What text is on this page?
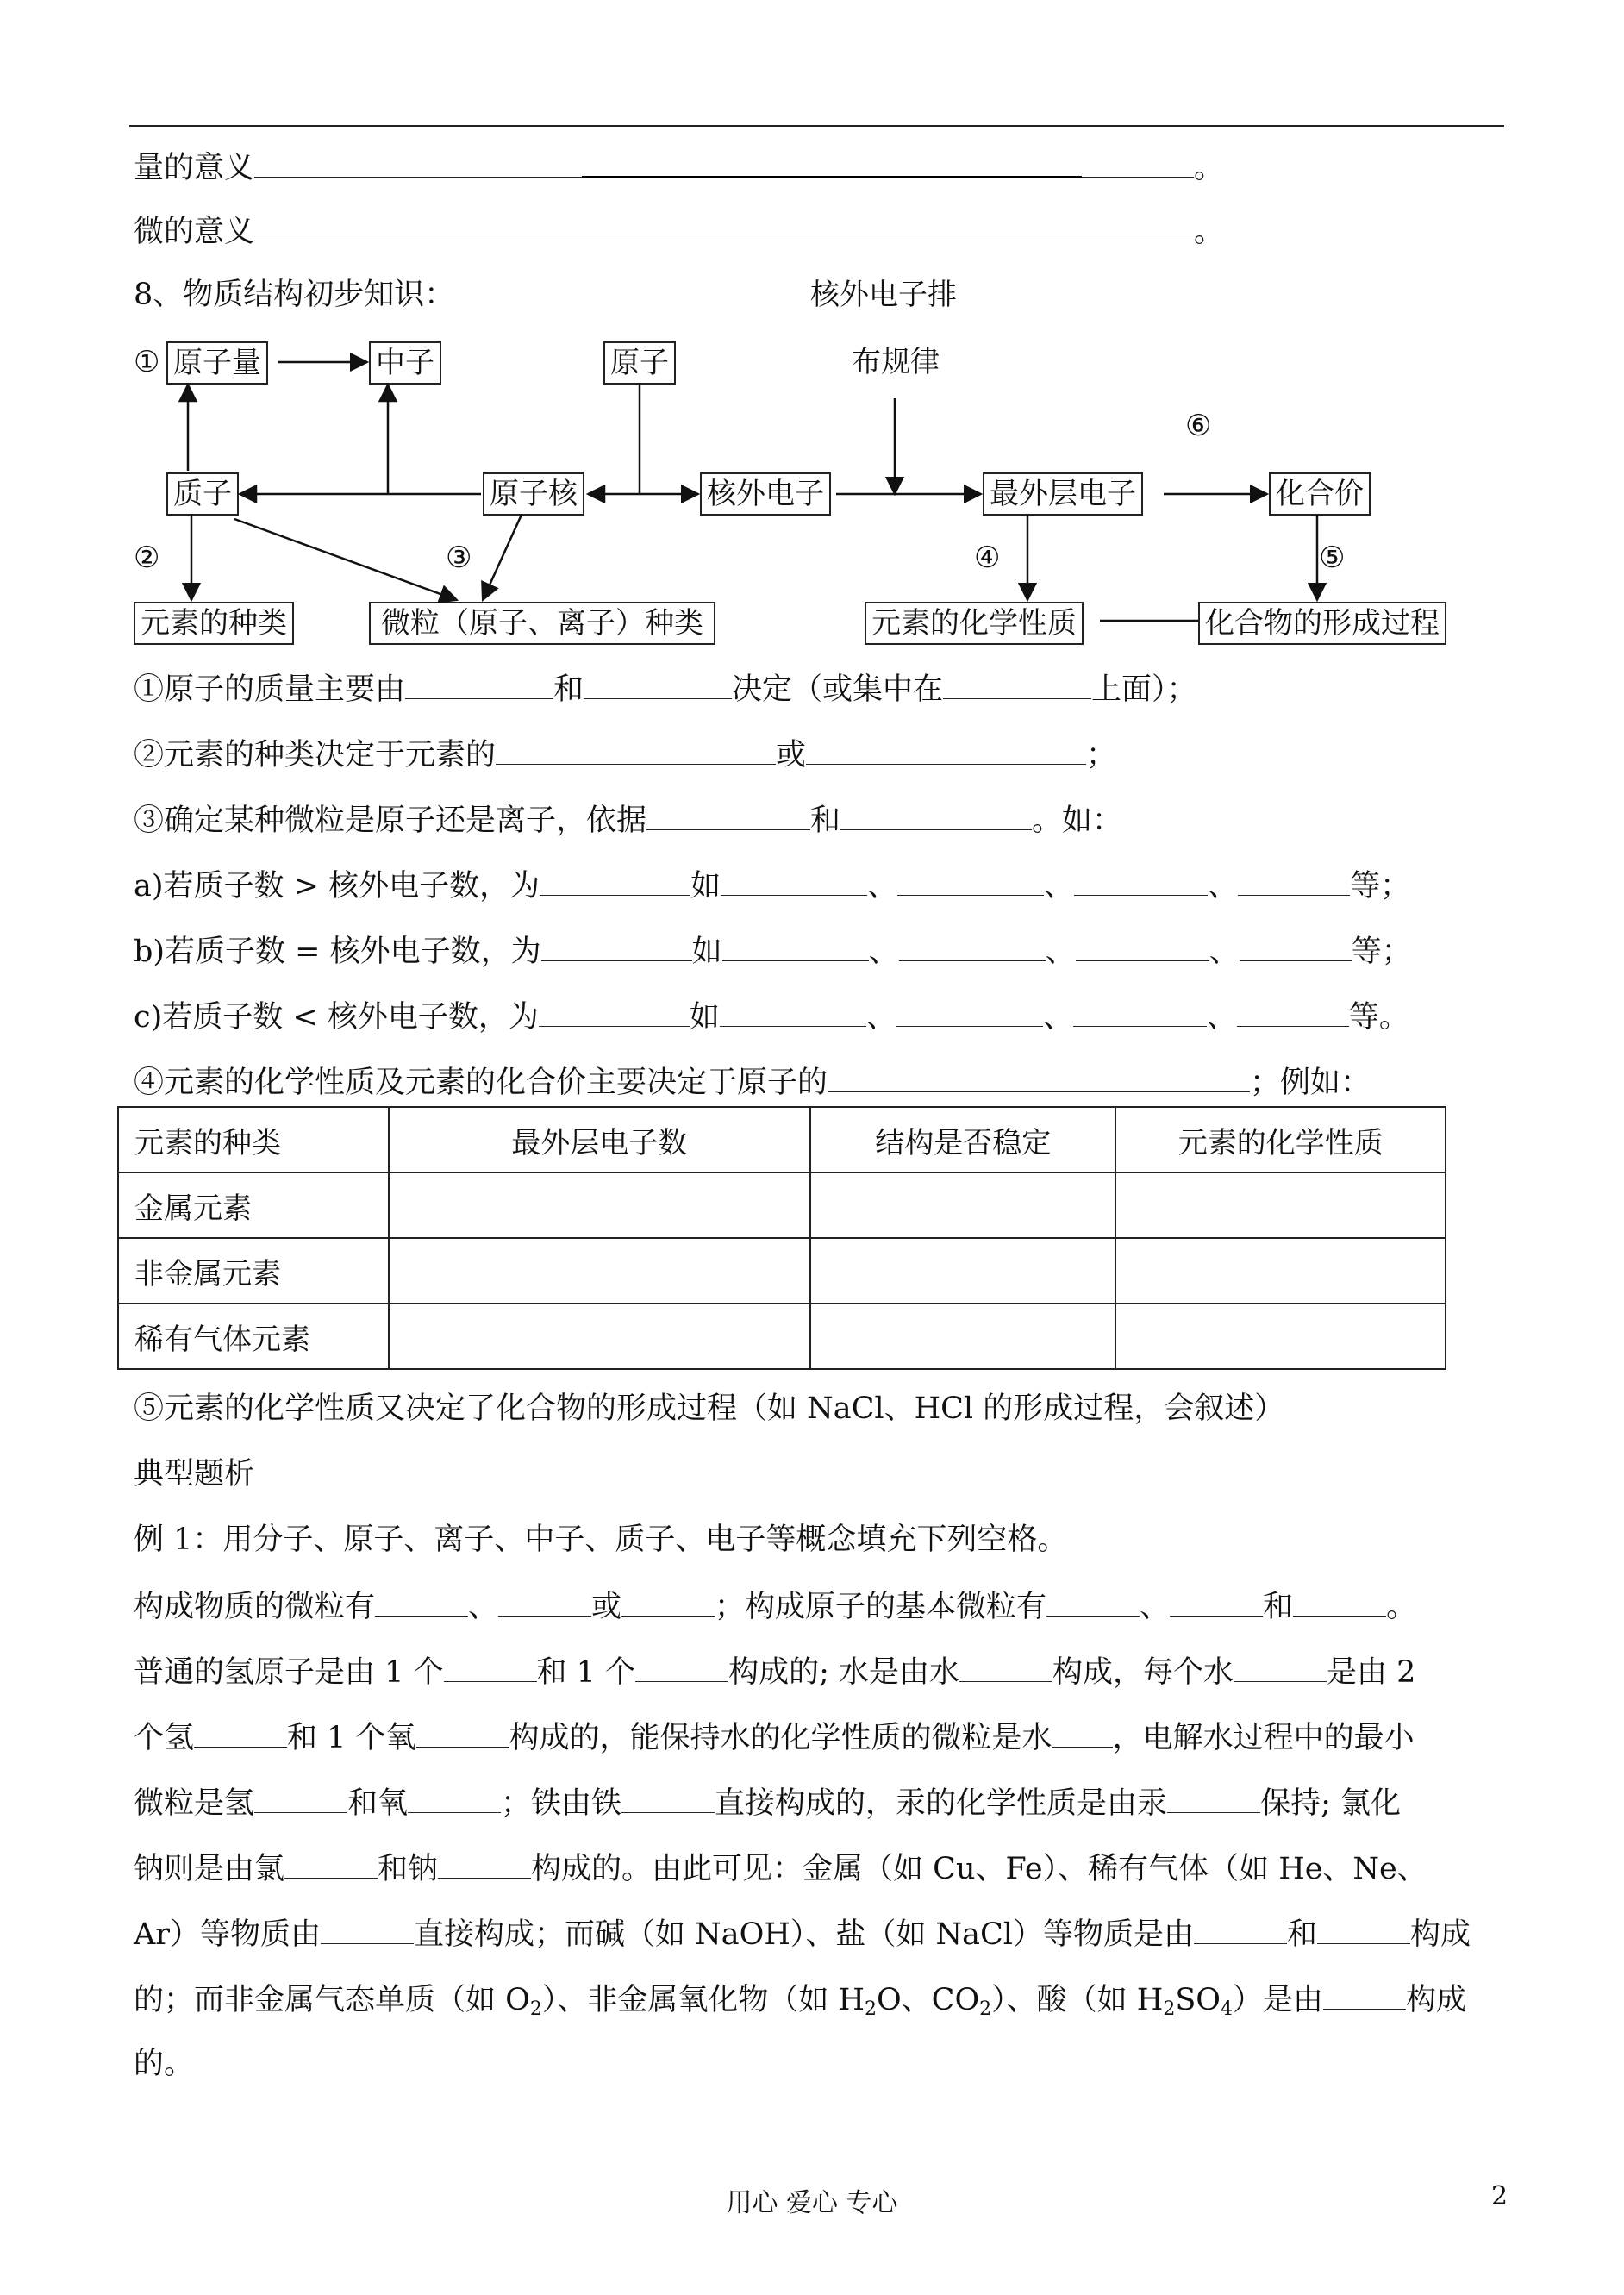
量的意义	。
微的意义	。
8、物质结构初步知识：	核外电子排
① 原子量	中子	原子	布规律
⑥
质子	原子核	核外电子	最外层电子	化合价
②	③	④	⑤
元素的种类	微粒（原子、离子）种类	元素的化学性质	化合物的形成过程
①原子的质量主要由	和	决定（或集中在	上面）；
②元素的种类决定于元素的	或	；
③确定某种微粒是原子还是离子，依据	和	。如：
a)若质子数 > 核外电子数，为	如	、	、	、	等；
b)若质子数 = 核外电子数，为	如	、	、	、	等；
c)若质子数 < 核外电子数，为	如	、	、	、	等。
④元素的化学性质及元素的化合价主要决定于原子的	；例如：
元素的种类	最外层电子数	结构是否稳定	元素的化学性质
金属元素			
非金属元素			
稀有气体元素			
⑤元素的化学性质又决定了化合物的形成过程（如 NaCl、HCl 的形成过程，会叙述）
典型题析
例 1：用分子、原子、离子、中子、质子、电子等概念填充下列空格。
构成物质的微粒有	、	或	；构成原子的基本微粒有	、	和	。
普通的氢原子是由 1 个	和 1 个	构成的; 水是由水	构成，每个水	是由 2
个氢	和 1 个氧	构成的，能保持水的化学性质的微粒是水 ，电解水过程中的最小
微粒是氢	和氧	；铁由铁	直接构成的，汞的化学性质是由汞	保持; 氯化
钠则是由氯	和钠	构成的。由此可见：金属（如 Cu、Fe）、稀有气体（如 He、Ne、
Ar）等物质由	直接构成；而碱（如 NaOH）、盐（如 NaCl）等物质是由	和	构成
的；而非金属气态单质（如 $O_2$）、非金属氧化物（如 $H_2O$、$CO_2$）、酸（如 $H_2SO_4$）是由	构成
的。
用心 爱心 专心	2
